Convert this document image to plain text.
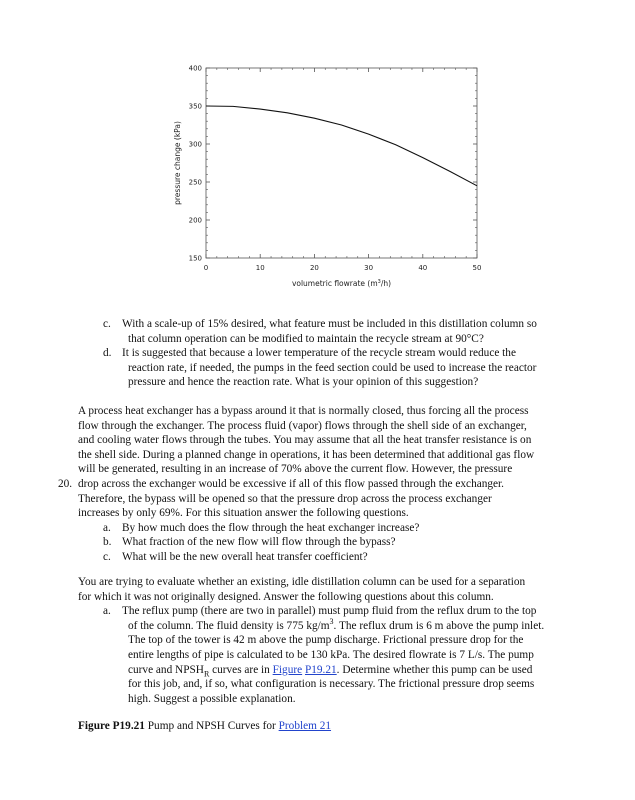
0	10	20	30	40	50
150
200
250
300
350
400
volumetric flowrate $(m^3/h)$
pressure change (kPa)
c. With a scale-up of 15% desired, what feature must be included in this distillation column so
that column operation can be modified to maintain the recycle stream at 90°C?
d. It is suggested that because a lower temperature of the recycle stream would reduce the
reaction rate, if needed, the pumps in the feed section could be used to increase the reactor
pressure and hence the reaction rate. What is your opinion of this suggestion?
A process heat exchanger has a bypass around it that is normally closed, thus forcing all the process
flow through the exchanger. The process fluid (vapor) flows through the shell side of an exchanger,
and cooling water flows through the tubes. You may assume that all the heat transfer resistance is on
the shell side. During a planned change in operations, it has been determined that additional gas flow
will be generated, resulting in an increase of 70% above the current flow. However, the pressure
drop across the exchanger would be excessive if all of this flow passed through the exchanger.
Therefore, the bypass will be opened so that the pressure drop across the process exchanger
increases by only 69%. For this situation answer the following questions.
a. By how much does the flow through the heat exchanger increase?
b. What fraction of the new flow will flow through the bypass?
c. What will be the new overall heat transfer coefficient?
20.
You are trying to evaluate whether an existing, idle distillation column can be used for a separation
for which it was not originally designed. Answer the following questions about this column.
a. The reflux pump (there are two in parallel) must pump fluid from the reflux drum to the top
of the column. The fluid density is 775 $kg/m^3$. The reflux drum is 6 m above the pump inlet.
The top of the tower is 42 m above the pump discharge. Frictional pressure drop for the
entire lengths of pipe is calculated to be 130 kPa. The desired flowrate is 7 L/s. The pump
curve and $NPSH_R$ curves are in Figure P19.21. Determine whether this pump can be used
for this job, and, if so, what configuration is necessary. The frictional pressure drop seems
high. Suggest a possible explanation.
Figure P19.21 Pump and NPSH Curves for Problem 21
